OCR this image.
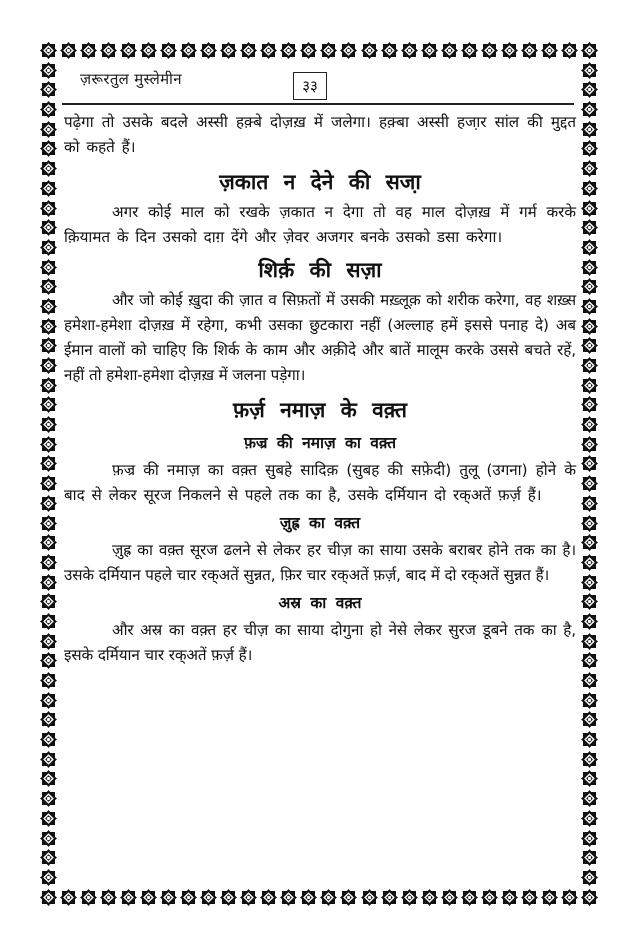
ज़रूरतुल मुस्लेमीन	३३

पढ़ेगा तो उसके बदले अस्सी हक़्बे दोज़ख़ में जलेगा। हक़्बा अस्सी हजा़र सांल की मुद्दत को कहते हैं।

ज़कात न देने की सजा़

अगर कोई माल को रखके ज़कात न देगा तो वह माल दोज़ख़ में गर्म करके क़ियामत के दिन उसको दाग़ देंगे और ज़ेवर अजगर बनके उसको डसा करेगा।

शिर्क़ की सज़ा

और जो कोई ख़ुदा की ज़ात व सिफ़तों में उसकी मख़्लूक़ को शरीक करेगा, वह शख़्स हमेशा-हमेशा दोज़ख़ में रहेगा, कभी उसका छुटकारा नहीं (अल्लाह हमें इससे पनाह दे) अब ईमान वालों को चाहिए कि शिर्क के काम और अक़ीदे और बातें मालूम करके उससे बचते रहें, नहीं तो हमेशा-हमेशा दोज़ख़ में जलना पड़ेगा।

फ़र्ज़ नमाज़ के वक़्त
फ़ज्र की नमाज़ का वक़्त

फ़ज्र की नमाज़ का वक़्त सुबहे सादिक़ (सुबह की सफ़ेदी) तुलू (उगना) होने के बाद से लेकर सूरज निकलने से पहले तक का है, उसके दर्मियान दो रक्अतें फ़र्ज़ हैं।

ज़ुह्र का वक़्त

ज़ुह्र का वक़्त सूरज ढलने से लेकर हर चीज़ का साया उसके बराबर होने तक का है। उसके दर्मियान पहले चार रक्अतें सुन्नत, फ़िर चार रक्अतें फ़र्ज़, बाद में दो रक्अतें सुन्नत हैं।

अस्र का वक़्त

और अस्र का वक़्त हर चीज़ का साया दोगुना हो नेसे लेकर सुरज डूबने तक का है, इसके दर्मियान चार रक्अतें फ़र्ज़ हैं।
